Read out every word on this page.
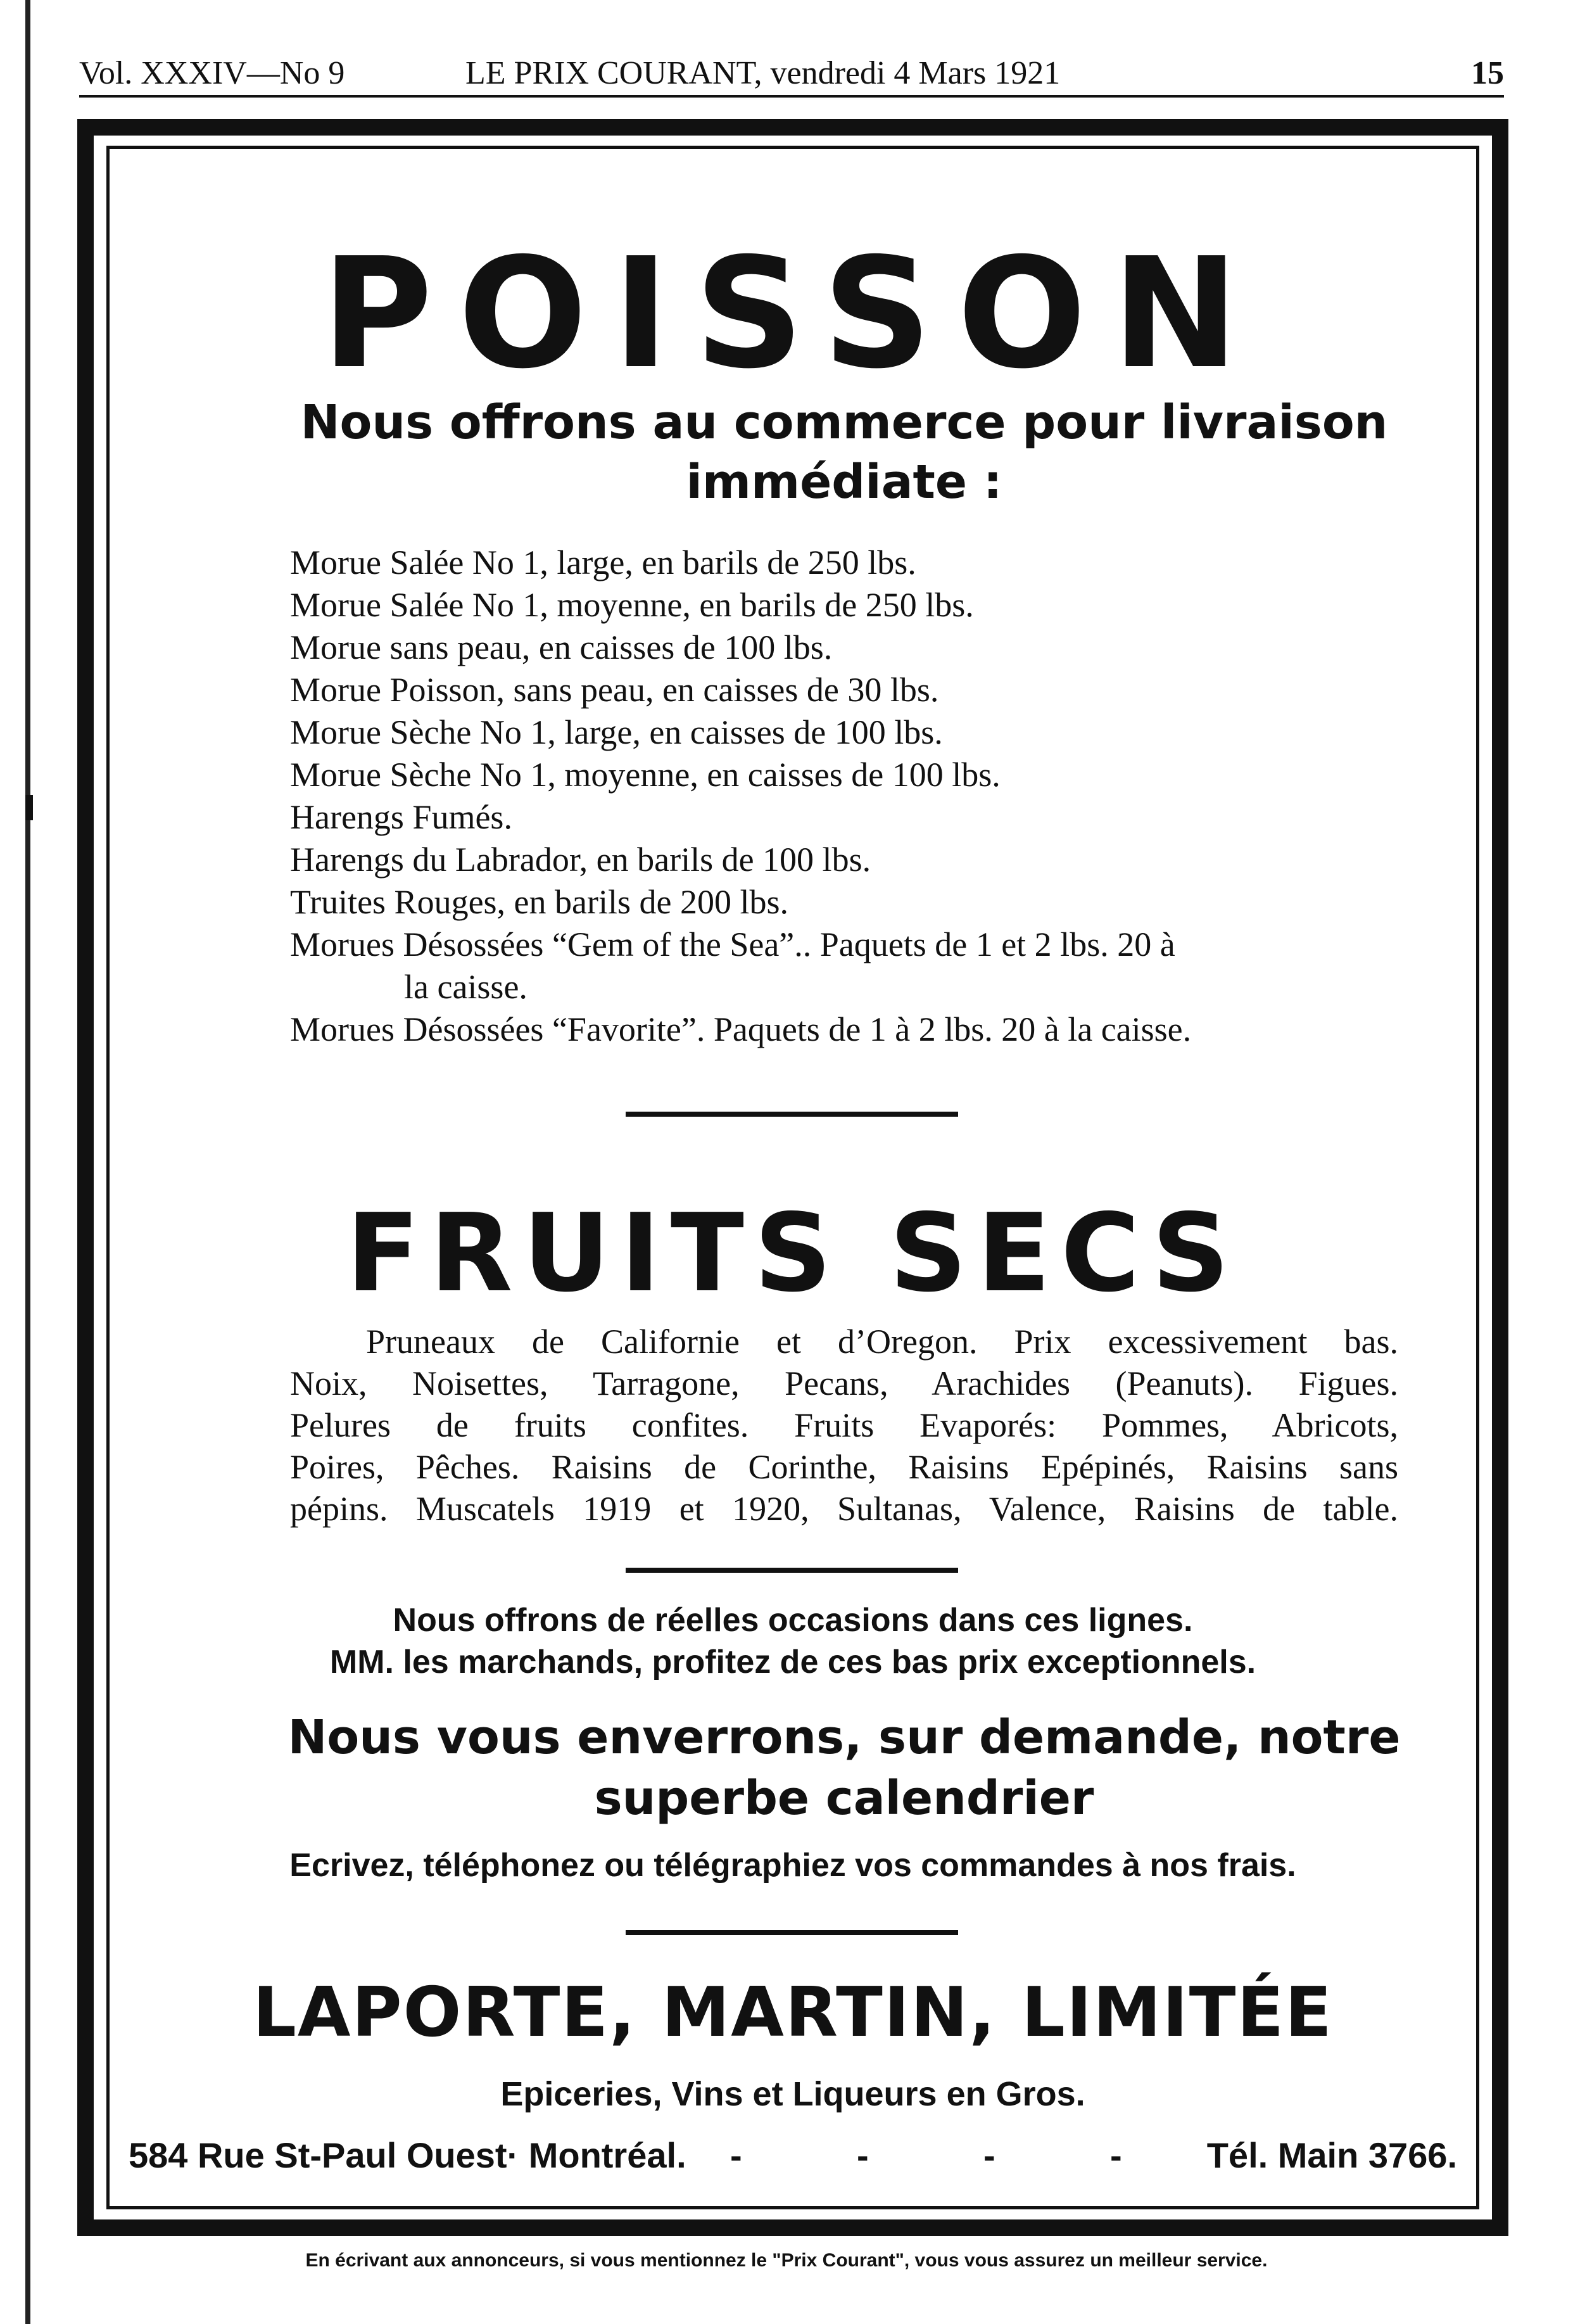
Vol. XXXIV—No 9	LE PRIX COURANT, vendredi 4 Mars 1921	15
POISSON
Nous offrons au commerce pour livraison immédiate :
Morue Salée No 1, large, en barils de 250 lbs.
Morue Salée No 1, moyenne, en barils de 250 lbs.
Morue sans peau, en caisses de 100 lbs.
Morue Poisson, sans peau, en caisses de 30 lbs.
Morue Sèche No 1, large, en caisses de 100 lbs.
Morue Sèche No 1, moyenne, en caisses de 100 lbs.
Harengs Fumés.
Harengs du Labrador, en barils de 100 lbs.
Truites Rouges, en barils de 200 lbs.
Morues Désossées “Gem of the Sea”.. Paquets de 1 et 2 lbs. 20 à
la caisse.
Morues Désossées “Favorite”. Paquets de 1 à 2 lbs. 20 à la caisse.
FRUITS SECS
Pruneaux de Californie et d’Oregon. Prix excessivement bas.
Noix, Noisettes, Tarragone, Pecans, Arachides (Peanuts). Figues.
Pelures de fruits confites. Fruits Evaporés: Pommes, Abricots,
Poires, Pêches. Raisins de Corinthe, Raisins Epépinés, Raisins sans
pépins. Muscatels 1919 et 1920, Sultanas, Valence, Raisins de table.
Nous offrons de réelles occasions dans ces lignes.
MM. les marchands, profitez de ces bas prix exceptionnels.
Nous vous enverrons, sur demande, notre
superbe calendrier
Ecrivez, téléphonez ou télégraphiez vos commandes à nos frais.
LAPORTE, MARTIN, LIMITÉE
Epiceries, Vins et Liqueurs en Gros.
584 Rue St-Paul Ouest· Montréal. -	-	-	- Tél. Main 3766.
En écrivant aux annonceurs, si vous mentionnez le "Prix Courant", vous vous assurez un meilleur service.
